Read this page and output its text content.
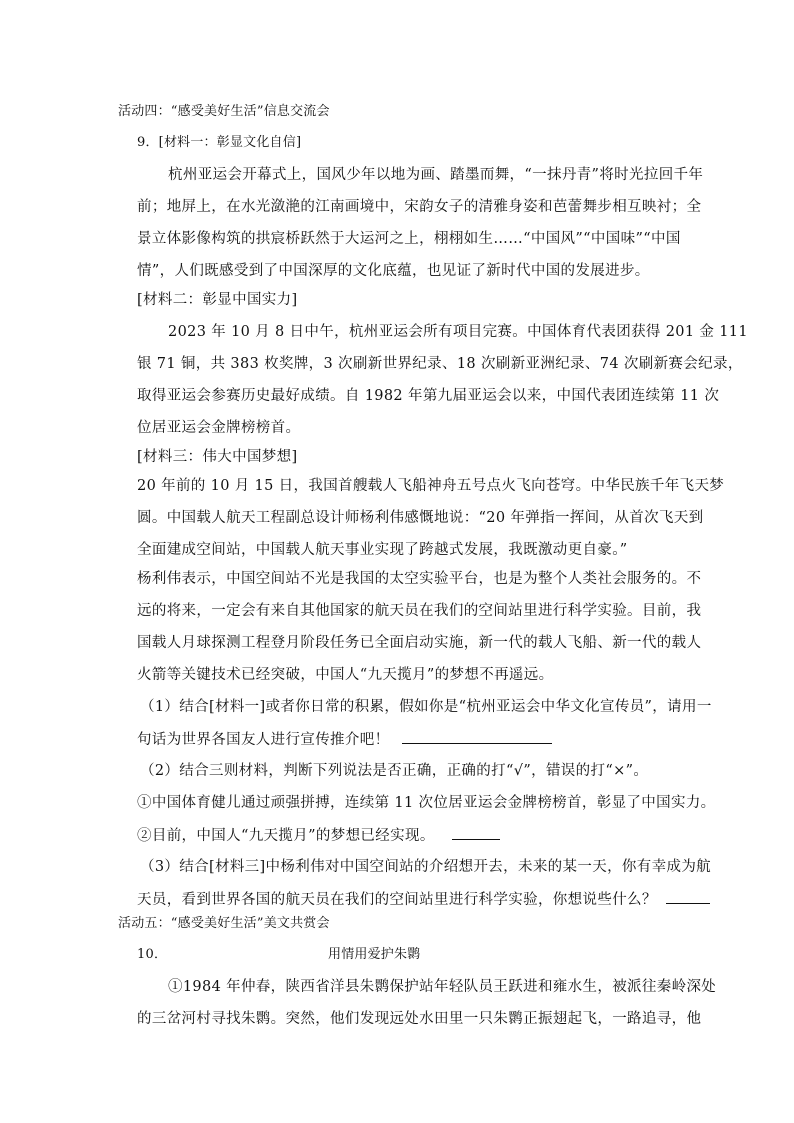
活动四：“感受美好生活”信息交流会
9．[材料一：彰显文化自信]
杭州亚运会开幕式上，国风少年以地为画、踏墨而舞，“一抹丹青”将时光拉回千年
前；地屏上，在水光潋滟的江南画境中，宋韵女子的清雅身姿和芭蕾舞步相互映衬；全
景立体影像构筑的拱宸桥跃然于大运河之上，栩栩如生……“中国风”“中国味”“中国
情”，人们既感受到了中国深厚的文化底蕴，也见证了新时代中国的发展进步。
[材料二：彰显中国实力]
2023 年 10 月 8 日中午，杭州亚运会所有项目完赛。中国体育代表团获得 201 金 111
银 71 铜，共 383 枚奖牌，3 次刷新世界纪录、18 次刷新亚洲纪录、74 次刷新赛会纪录，
取得亚运会参赛历史最好成绩。自 1982 年第九届亚运会以来，中国代表团连续第 11 次
位居亚运会金牌榜榜首。
[材料三：伟大中国梦想]
20 年前的 10 月 15 日，我国首艘载人飞船神舟五号点火飞向苍穹。中华民族千年飞天梦
圆。中国载人航天工程副总设计师杨利伟感慨地说：“20 年弹指一挥间，从首次飞天到
全面建成空间站，中国载人航天事业实现了跨越式发展，我既激动更自豪。”
杨利伟表示，中国空间站不光是我国的太空实验平台，也是为整个人类社会服务的。不
远的将来，一定会有来自其他国家的航天员在我们的空间站里进行科学实验。目前，我
国载人月球探测工程登月阶段任务已全面启动实施，新一代的载人飞船、新一代的载人
火箭等关键技术已经突破，中国人“九天揽月”的梦想不再遥远。
（1）结合[材料一]或者你日常的积累，假如你是“杭州亚运会中华文化宣传员”，请用一
句话为世界各国友人进行宣传推介吧！
（2）结合三则材料，判断下列说法是否正确，正确的打“√”，错误的打“×”。
①中国体育健儿通过顽强拼搏，连续第 11 次位居亚运会金牌榜榜首，彰显了中国实力。
②目前，中国人“九天揽月”的梦想已经实现。
（3）结合[材料三]中杨利伟对中国空间站的介绍想开去，未来的某一天，你有幸成为航
天员，看到世界各国的航天员在我们的空间站里进行科学实验，你想说些什么？
活动五：“感受美好生活”美文共赏会
10．	用情用爱护朱鹮
①1984 年仲春，陕西省洋县朱鹮保护站年轻队员王跃进和雍水生，被派往秦岭深处
的三岔河村寻找朱鹮。突然，他们发现远处水田里一只朱鹮正振翅起飞，一路追寻，他
